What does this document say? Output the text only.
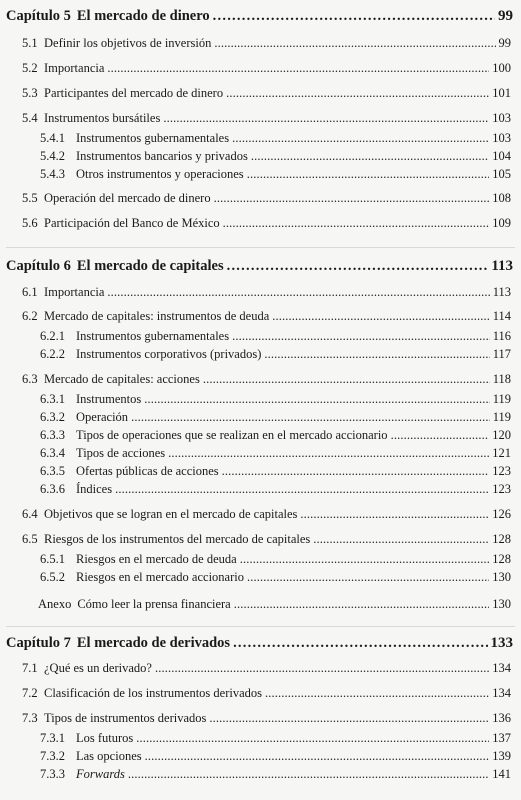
Capítulo 5 El mercado de dinero . . .	99
5.1 Definir los objetivos de inversión . . .	99
5.2 Importancia . . .	100
5.3 Participantes del mercado de dinero . . .	101
5.4 Instrumentos bursátiles . . .	103
5.4.1 Instrumentos gubernamentales . . .	103
5.4.2 Instrumentos bancarios y privados . . .	104
5.4.3 Otros instrumentos y operaciones . . .	105
5.5 Operación del mercado de dinero . . .	108
5.6 Participación del Banco de México . . .	109
Capítulo 6 El mercado de capitales . . .	113
6.1 Importancia . . .	113
6.2 Mercado de capitales: instrumentos de deuda . . .	114
6.2.1 Instrumentos gubernamentales . . .	116
6.2.2 Instrumentos corporativos (privados) . . .	117
6.3 Mercado de capitales: acciones . . .	118
6.3.1 Instrumentos . . .	119
6.3.2 Operación . . .	119
6.3.3 Tipos de operaciones que se realizan en el mercado accionario . . .	120
6.3.4 Tipos de acciones . . .	121
6.3.5 Ofertas públicas de acciones . . .	123
6.3.6 Índices . . .	123
6.4 Objetivos que se logran en el mercado de capitales . . .	126
6.5 Riesgos de los instrumentos del mercado de capitales . . .	128
6.5.1 Riesgos en el mercado de deuda . . .	128
6.5.2 Riesgos en el mercado accionario . . .	130
Anexo Cómo leer la prensa financiera . . .	130
Capítulo 7 El mercado de derivados . . .	133
7.1 ¿Qué es un derivado? . . .	134
7.2 Clasificación de los instrumentos derivados . . .	134
7.3 Tipos de instrumentos derivados . . .	136
7.3.1 Los futuros . . .	137
7.3.2 Las opciones . . .	139
7.3.3 Forwards . . .	141
